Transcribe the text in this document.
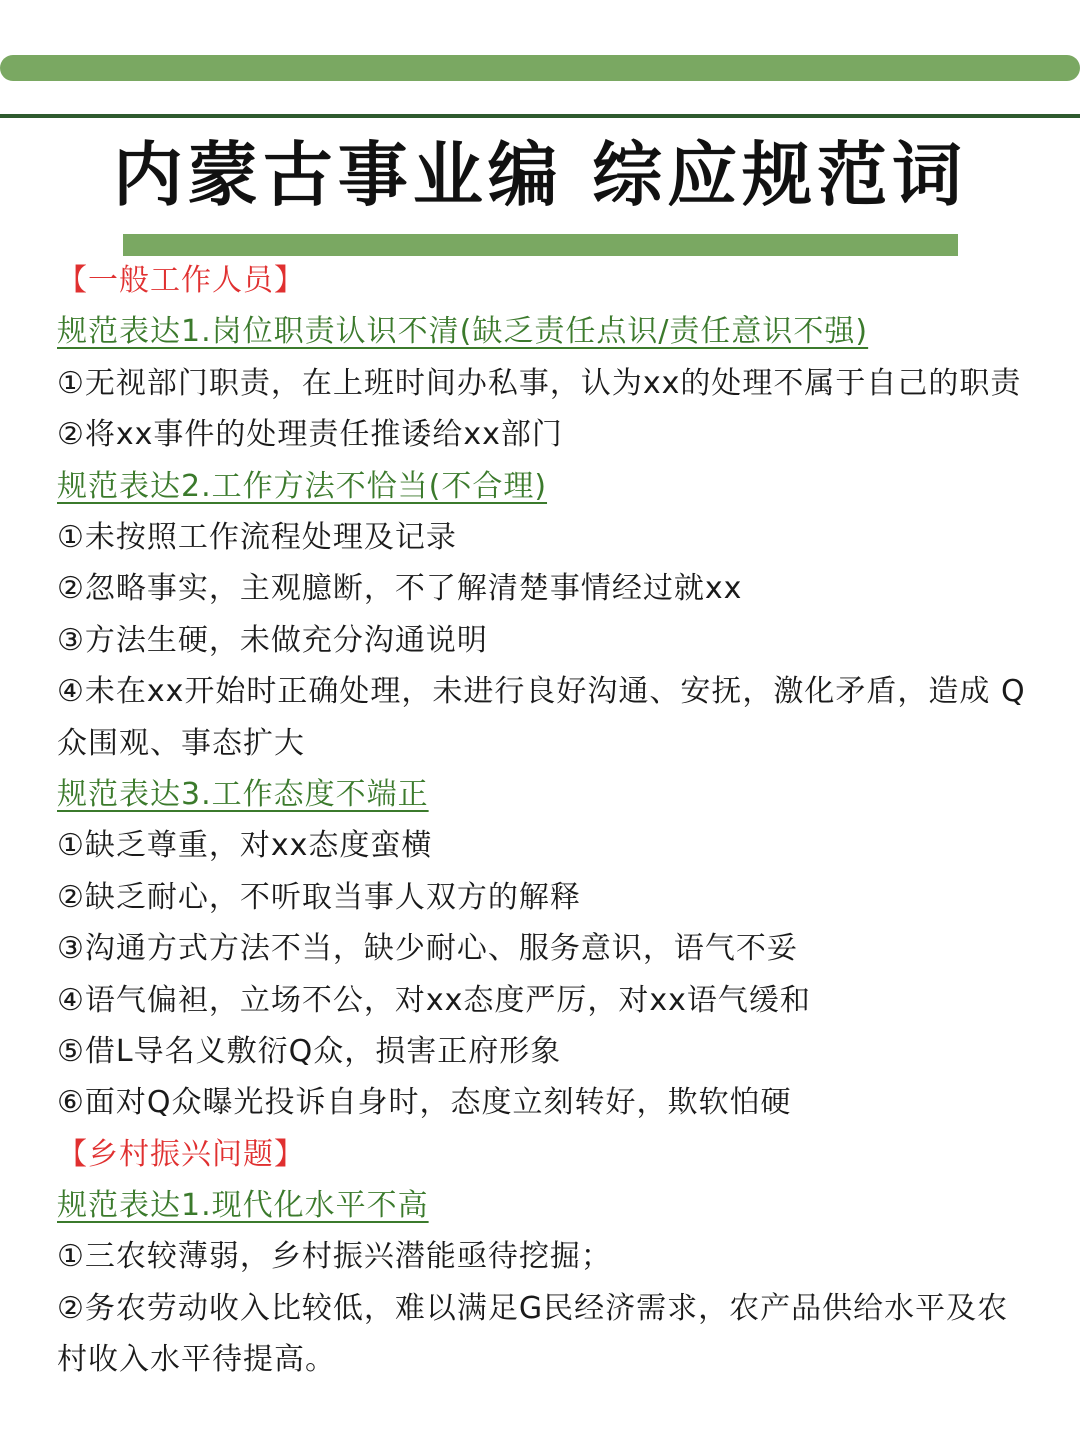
内蒙古事业编 综应规范词
【一般工作人员】
规范表达1.岗位职责认识不清(缺乏责任点识/责任意识不强)
①无视部门职责，在上班时间办私事，认为xx的处理不属于自己的职责
②将xx事件的处理责任推诿给xx部门
规范表达2.工作方法不恰当(不合理)
①未按照工作流程处理及记录
②忽略事实，主观臆断，不了解清楚事情经过就xx
③方法生硬，未做充分沟通说明
④未在xx开始时正确处理，未进行良好沟通、安抚，激化矛盾，造成 Q众围观、事态扩大
规范表达3.工作态度不端正
①缺乏尊重，对xx态度蛮横
②缺乏耐心，不听取当事人双方的解释
③沟通方式方法不当，缺少耐心、服务意识，语气不妥
④语气偏袒，立场不公，对xx态度严厉，对xx语气缓和
⑤借L导名义敷衍Q众，损害正府形象
⑥面对Q众曝光投诉自身时，态度立刻转好，欺软怕硬
【乡村振兴问题】
规范表达1.现代化水平不高
①三农较薄弱，乡村振兴潜能亟待挖掘；
②务农劳动收入比较低，难以满足G民经济需求，农产品供给水平及农村收入水平待提高。
